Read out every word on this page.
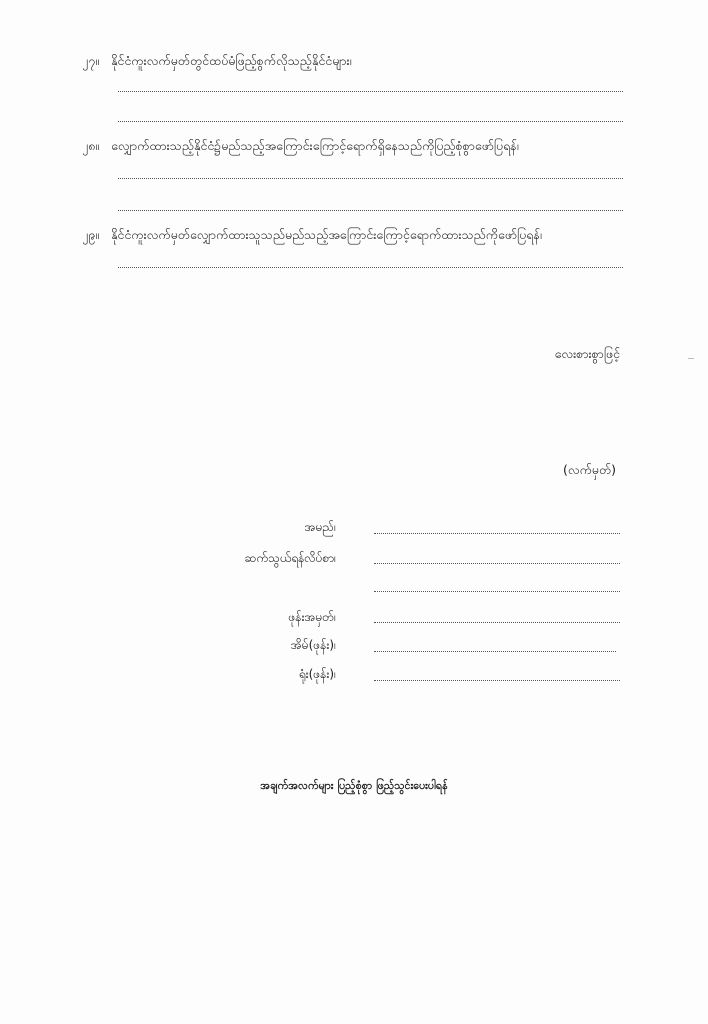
၂၇။ နိုင်ငံကူးလက်မှတ်တွင်ထပ်မံဖြည့်စွက်လိုသည့်နိုင်ငံများ၊
၂၈။ လျှောက်ထားသည့်နိုင်ငံ၌မည်သည့်အကြောင်းကြောင့်ရောက်ရှိနေသည်ကိုပြည့်စုံစွာဖော်ပြရန်၊
၂၉။ နိုင်ငံကူးလက်မှတ်လျှောက်ထားသူသည်မည်သည့်အကြောင်းကြောင့်ရောက်ထားသည်ကိုဖော်ပြရန်၊
လေးစားစွာဖြင့်
(လက်မှတ်)
အမည်၊
ဆက်သွယ်ရန်လိပ်စာ၊
ဖုန်းအမှတ်၊
အိမ်(ဖုန်း)၊
ရုံး(ဖုန်း)၊
အချက်အလက်များ ပြည့်စုံစွာ ဖြည့်သွင်းပေးပါရန်
